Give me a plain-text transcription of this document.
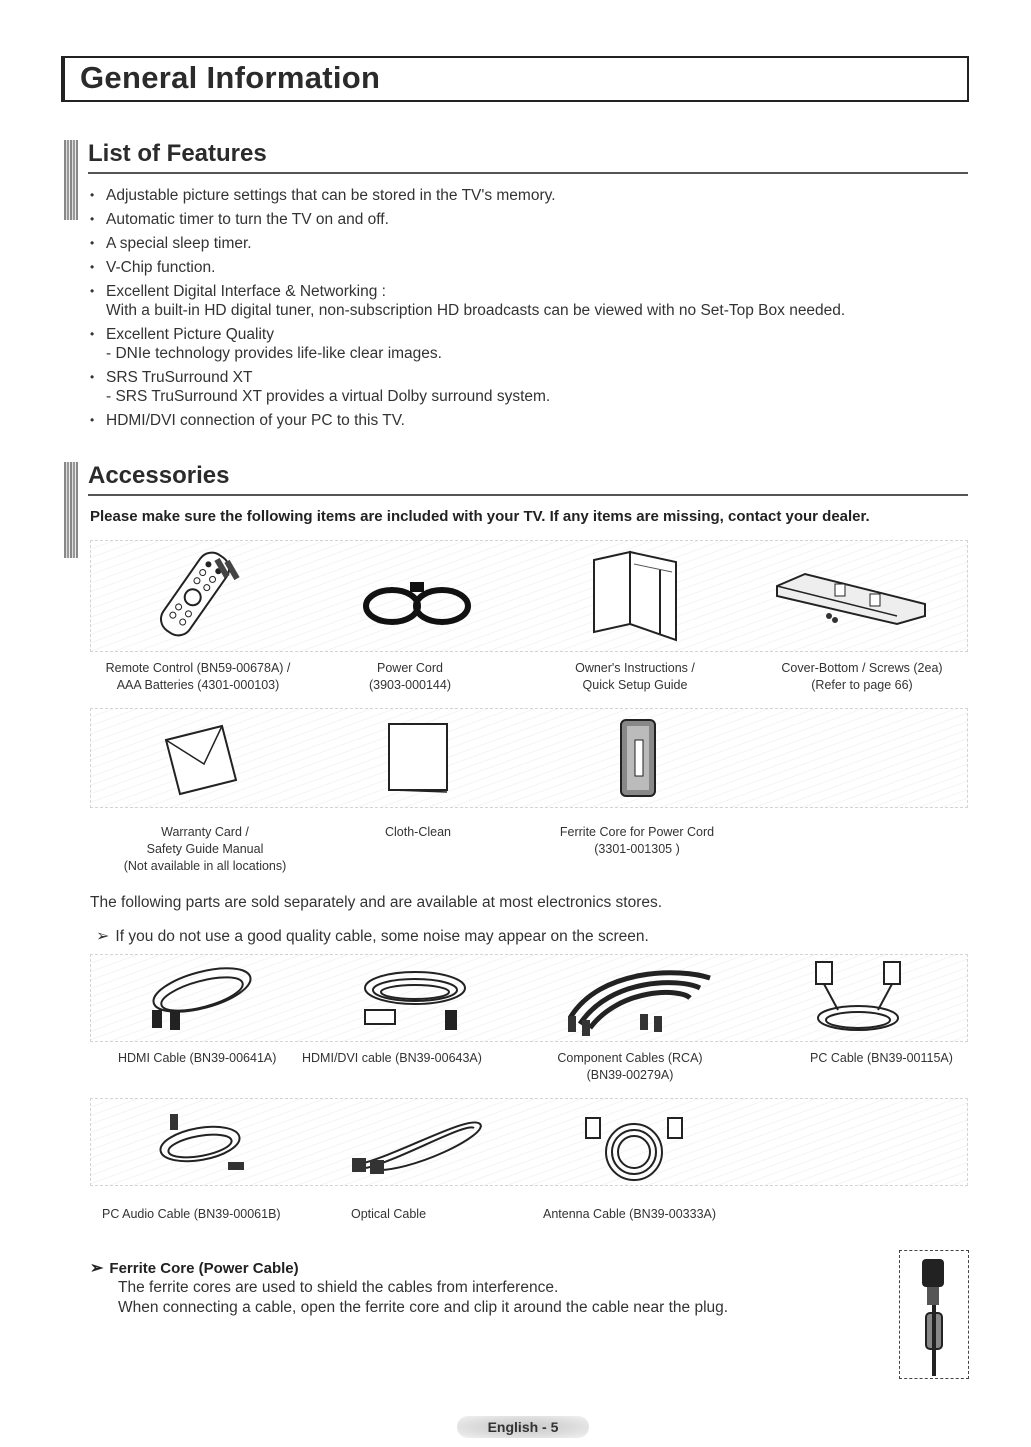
General Information
List of Features
• Adjustable picture settings that can be stored in the TV's memory.
• Automatic timer to turn the TV on and off.
• A special sleep timer.
• V-Chip function.
• Excellent Digital Interface & Networking :
With a built-in HD digital tuner, non-subscription HD broadcasts can be viewed with no Set-Top Box needed.
• Excellent Picture Quality
- DNIe technology provides life-like clear images.
• SRS TruSurround XT
- SRS TruSurround XT provides a virtual Dolby surround system.
• HDMI/DVI connection of your PC to this TV.
Accessories
Please make sure the following items are included with your TV. If any items are missing, contact your dealer.
Remote Control (BN59-00678A) /
AAA Batteries (4301-000103)
Power Cord
(3903-000144)
Owner's Instructions /
Quick Setup Guide
Cover-Bottom / Screws (2ea)
(Refer to page 66)
Warranty Card /
Safety Guide Manual
(Not available in all locations)
Cloth-Clean	Ferrite Core for Power Cord
(3301-001305 )
The following parts are sold separately and are available at most electronics stores.
➢ If you do not use a good quality cable, some noise may appear on the screen.
HDMI Cable (BN39-00641A) HDMI/DVI cable (BN39-00643A)	Component Cables (RCA)
(BN39-00279A)
PC Cable (BN39-00115A)
PC Audio Cable (BN39-00061B)	Optical Cable	Antenna Cable (BN39-00333A)
➢ Ferrite Core (Power Cable)
The ferrite cores are used to shield the cables from interference.
When connecting a cable, open the ferrite core and clip it around the cable near the plug.
English - 5
